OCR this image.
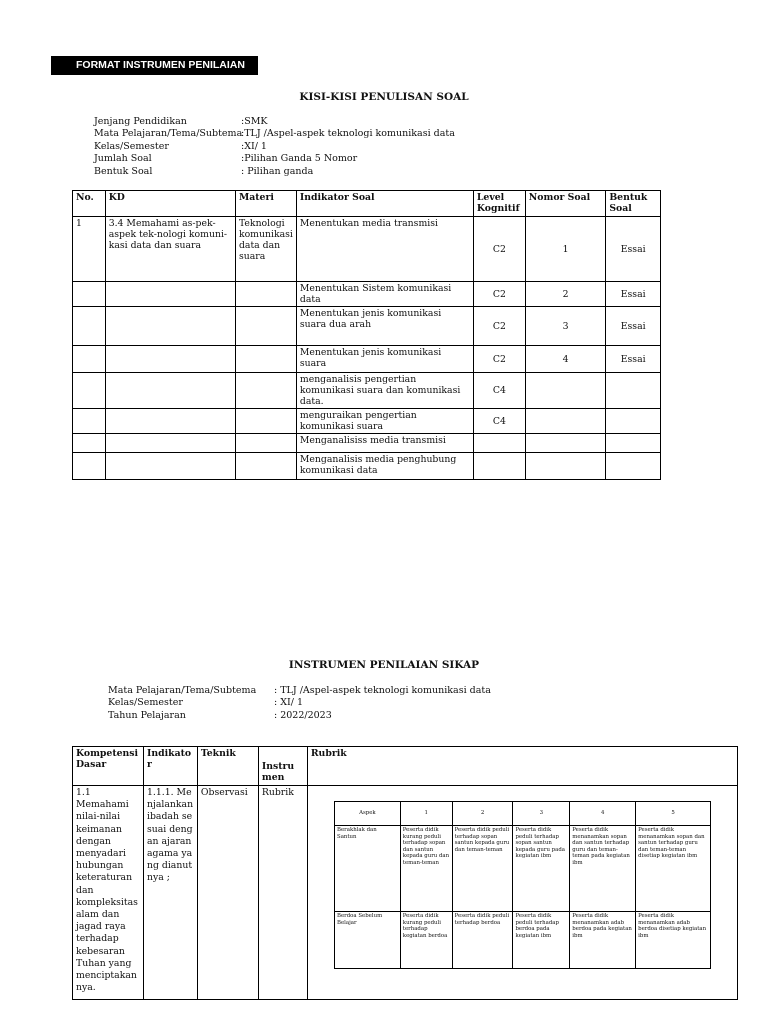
FORMAT INSTRUMEN PENILAIAN
KISI-KISI PENULISAN SOAL
Jenjang Pendidikan	:SMK
Mata Pelajaran/Tema/Subtema
:TLJ /Aspel-aspek teknologi komunikasi data
Kelas/Semester	:XI/ 1
Jumlah Soal	:Pilihan Ganda 5 Nomor
Bentuk Soal	: Pilihan ganda
No.	KD	Materi	Indikator Soal	Level Kognitif	Nomor Soal	Bentuk Soal
1	3.4 Memahami as-pek-aspek tek-nologi komuni-kasi data dan suara	Teknologi komunikasi data dan suara	Menentukan media transmisi	C2	1	Essai
			Menentukan Sistem komunikasi data	C2	2	Essai
			Menentukan jenis komunikasi suara dua arah	C2	3	Essai
			Menentukan jenis komunikasi suara	C2	4	Essai
			menganalisis pengertian komunikasi suara dan komunikasi data.	C4		
			menguraikan pengertian komunikasi suara	C4		
			Menganalisiss media transmisi			
			Menganalisis media penghubung komunikasi data			
INSTRUMEN PENILAIAN SIKAP
Mata Pelajaran/Tema/Subtema : TLJ /Aspel-aspek teknologi komunikasi data
Kelas/Semester	: XI/ 1
Tahun Pelajaran	: 2022/2023
Kompetensi Dasar	Indikator	Teknik	Instrumen	Rubrik
1.1 Memahami nilai-nilai keimanan dengan menyadari hubungan keteraturan dan kompleksitas alam dan jagad raya terhadap kebesaran Tuhan yang menciptakan nya.	1.1.1. Menjalankan ibadah sesuai dengan ajaran agama yang dianutnya ;	Observasi	Rubrik	
Aspek	1	2	3	4	5
Berakhlak dan Santun	Peserta didik kurang peduli terhadap sopan dan santun kepada guru dan teman-teman	Peserta didik peduli terhadap sopan santun kepada guru dan teman-teman	Peserta didik peduli terhadap sopan santun kepada guru pada kegiatan ibm	Peserta didik menanamkan sopan dan santun terhadap guru dan teman-teman pada kegiatan ibm	Peserta didik menanamkan sopan dan santun terhadap guru dan teman-teman disetiap kegiatan ibm
Berdoa Sebelum Belajar	Peserta didik kurang peduli terhadap kegiatan berdoa	Peserta didik peduli terhadap berdoa	Peserta didik peduli terhadap berdoa pada kegiatan ibm	Peserta didik menanamkan adab berdoa pada kegiatan ibm	Peserta didik menanamkan adab berdoa disetiap kegiatan ibm
